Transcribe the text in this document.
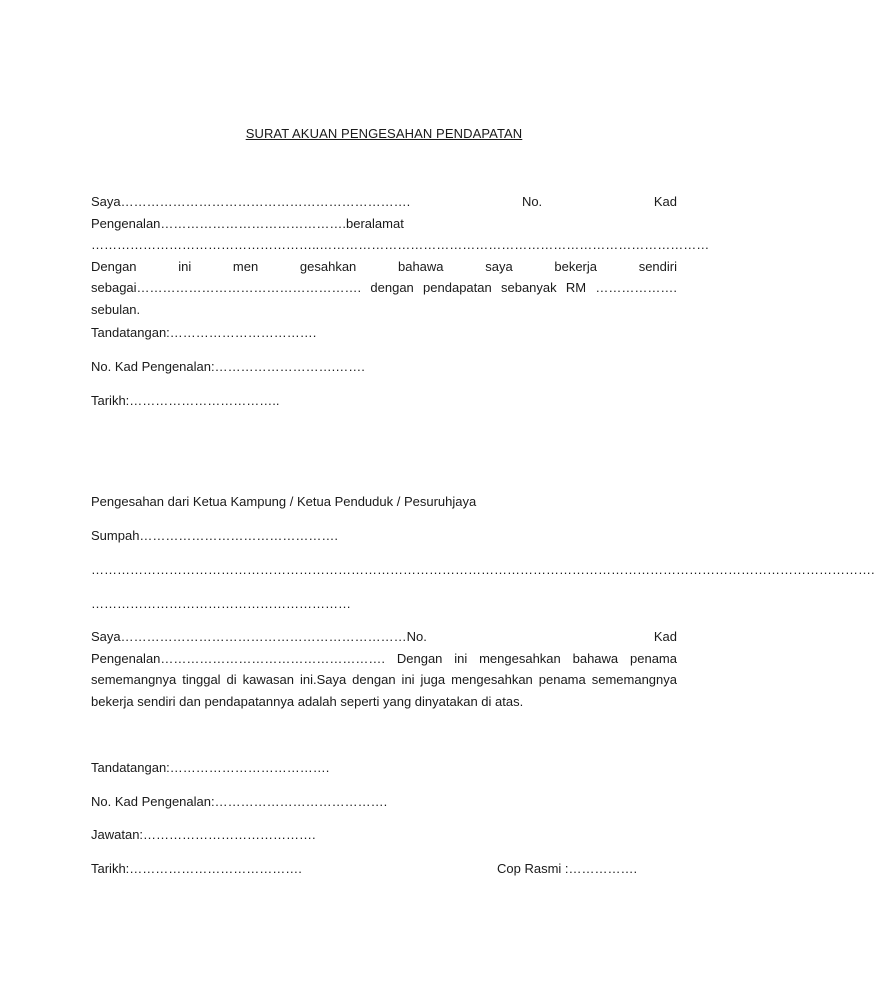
SURAT AKUAN PENGESAHAN PENDAPATAN
Saya…………………………………………………………. No. Kad Pengenalan…………………………………….beralamat ……………………………………………..………………………………………………………………………………Dengan ini men gesahkan bahawa saya bekerja sendiri sebagai……………………………………………. dengan pendapatan sebanyak RM ………………. sebulan.
Tandatangan:…………………………….
No. Kad Pengenalan:……………………….…….
Tarikh:……………………………..
Pengesahan dari Ketua Kampung / Ketua Penduduk / Pesuruhjaya
Sumpah……………………………………….
……………………………………………………………………………………………………………………………………………………………….
……………………………………………………
Saya…………………………………………………………No. Kad Pengenalan……………………………………………. Dengan ini mengesahkan bahawa penama sememangnya tinggal di kawasan ini.Saya dengan ini juga mengesahkan penama sememangnya bekerja sendiri dan pendapatannya adalah seperti yang dinyatakan di atas.
Tandatangan:……………………………….
No. Kad Pengenalan:………………………………….
Jawatan:………………………………….
Tarikh:………………………………….	Cop Rasmi :…………….
